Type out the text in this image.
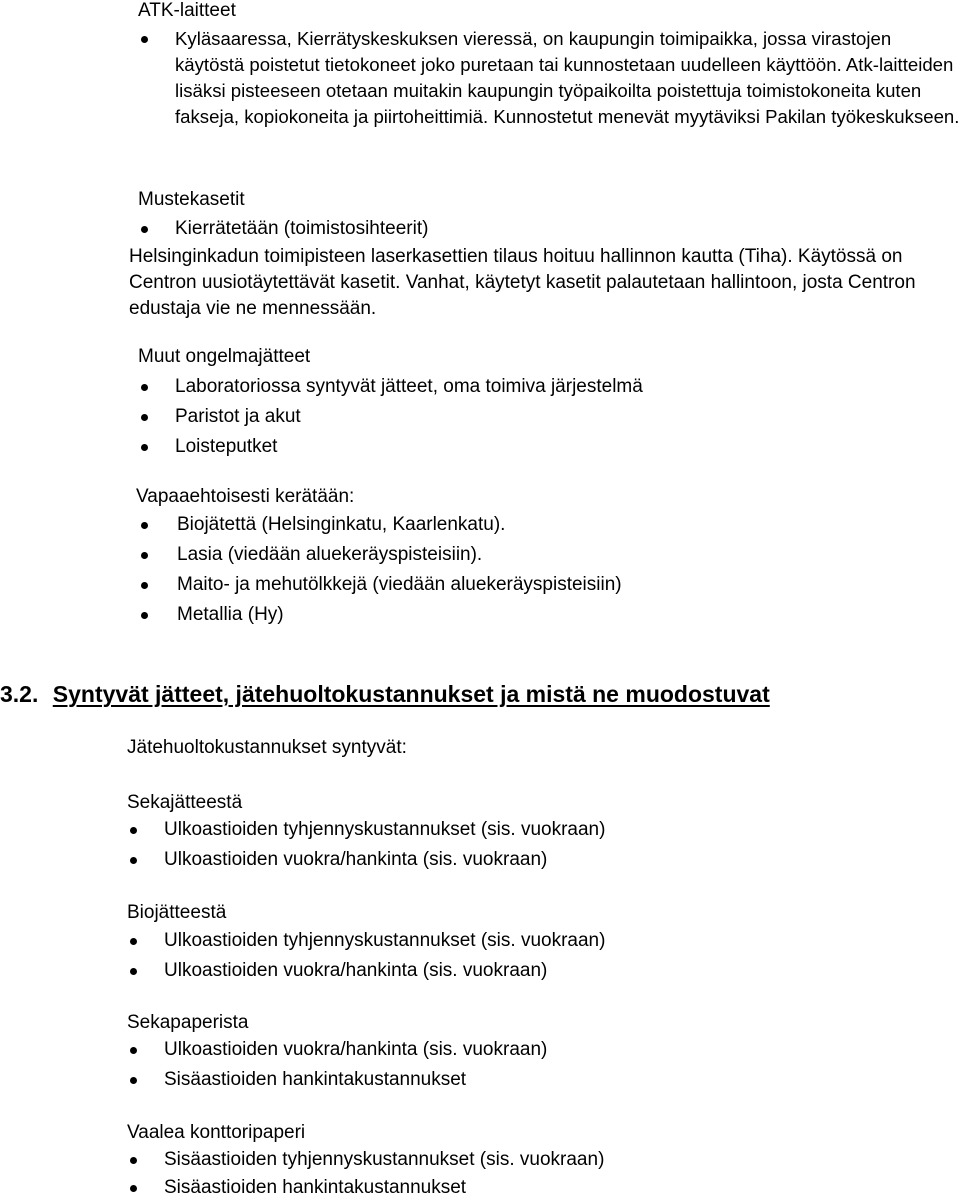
ATK-laitteet
Kyläsaaressa, Kierrätyskeskuksen vieressä, on kaupungin toimipaikka, jossa virastojen käytöstä poistetut tietokoneet joko puretaan tai kunnostetaan uudelleen käyttöön. Atk-laitteiden lisäksi pisteeseen otetaan muitakin kaupungin työpaikoilta poistettuja toimistokoneita kuten fakseja, kopiokoneita ja piirtoheittimiä. Kunnostetut menevät myytäviksi Pakilan työkeskukseen.
Mustekasetit
Kierrätetään (toimistosihteerit)
Helsinginkadun toimipisteen laserkasettien tilaus hoituu hallinnon kautta (Tiha). Käytössä on Centron uusiotäytettävät kasetit. Vanhat, käytetyt kasetit palautetaan hallintoon, josta Centron edustaja vie ne mennessään.
Muut ongelmajätteet
Laboratoriossa syntyvät jätteet, oma toimiva järjestelmä
Paristot ja akut
Loisteputket
Vapaaehtoisesti kerätään:
Biojätettä (Helsinginkatu, Kaarlenkatu).
Lasia (viedään aluekeräyspisteisiin).
Maito- ja mehutölkkejä (viedään aluekeräyspisteisiin)
Metallia (Hy)
3.2. Syntyvät jätteet, jätehuoltokustannukset ja mistä ne muodostuvat
Jätehuoltokustannukset syntyvät:
Sekajätteestä
Ulkoastioiden tyhjennyskustannukset (sis. vuokraan)
Ulkoastioiden vuokra/hankinta (sis. vuokraan)
Biojätteestä
Ulkoastioiden tyhjennyskustannukset (sis. vuokraan)
Ulkoastioiden vuokra/hankinta (sis. vuokraan)
Sekapaperista
Ulkoastioiden vuokra/hankinta (sis. vuokraan)
Sisäastioiden hankintakustannukset
Vaalea konttoripaperi
Sisäastioiden tyhjennyskustannukset (sis. vuokraan)
Sisäastioiden hankintakustannukset
